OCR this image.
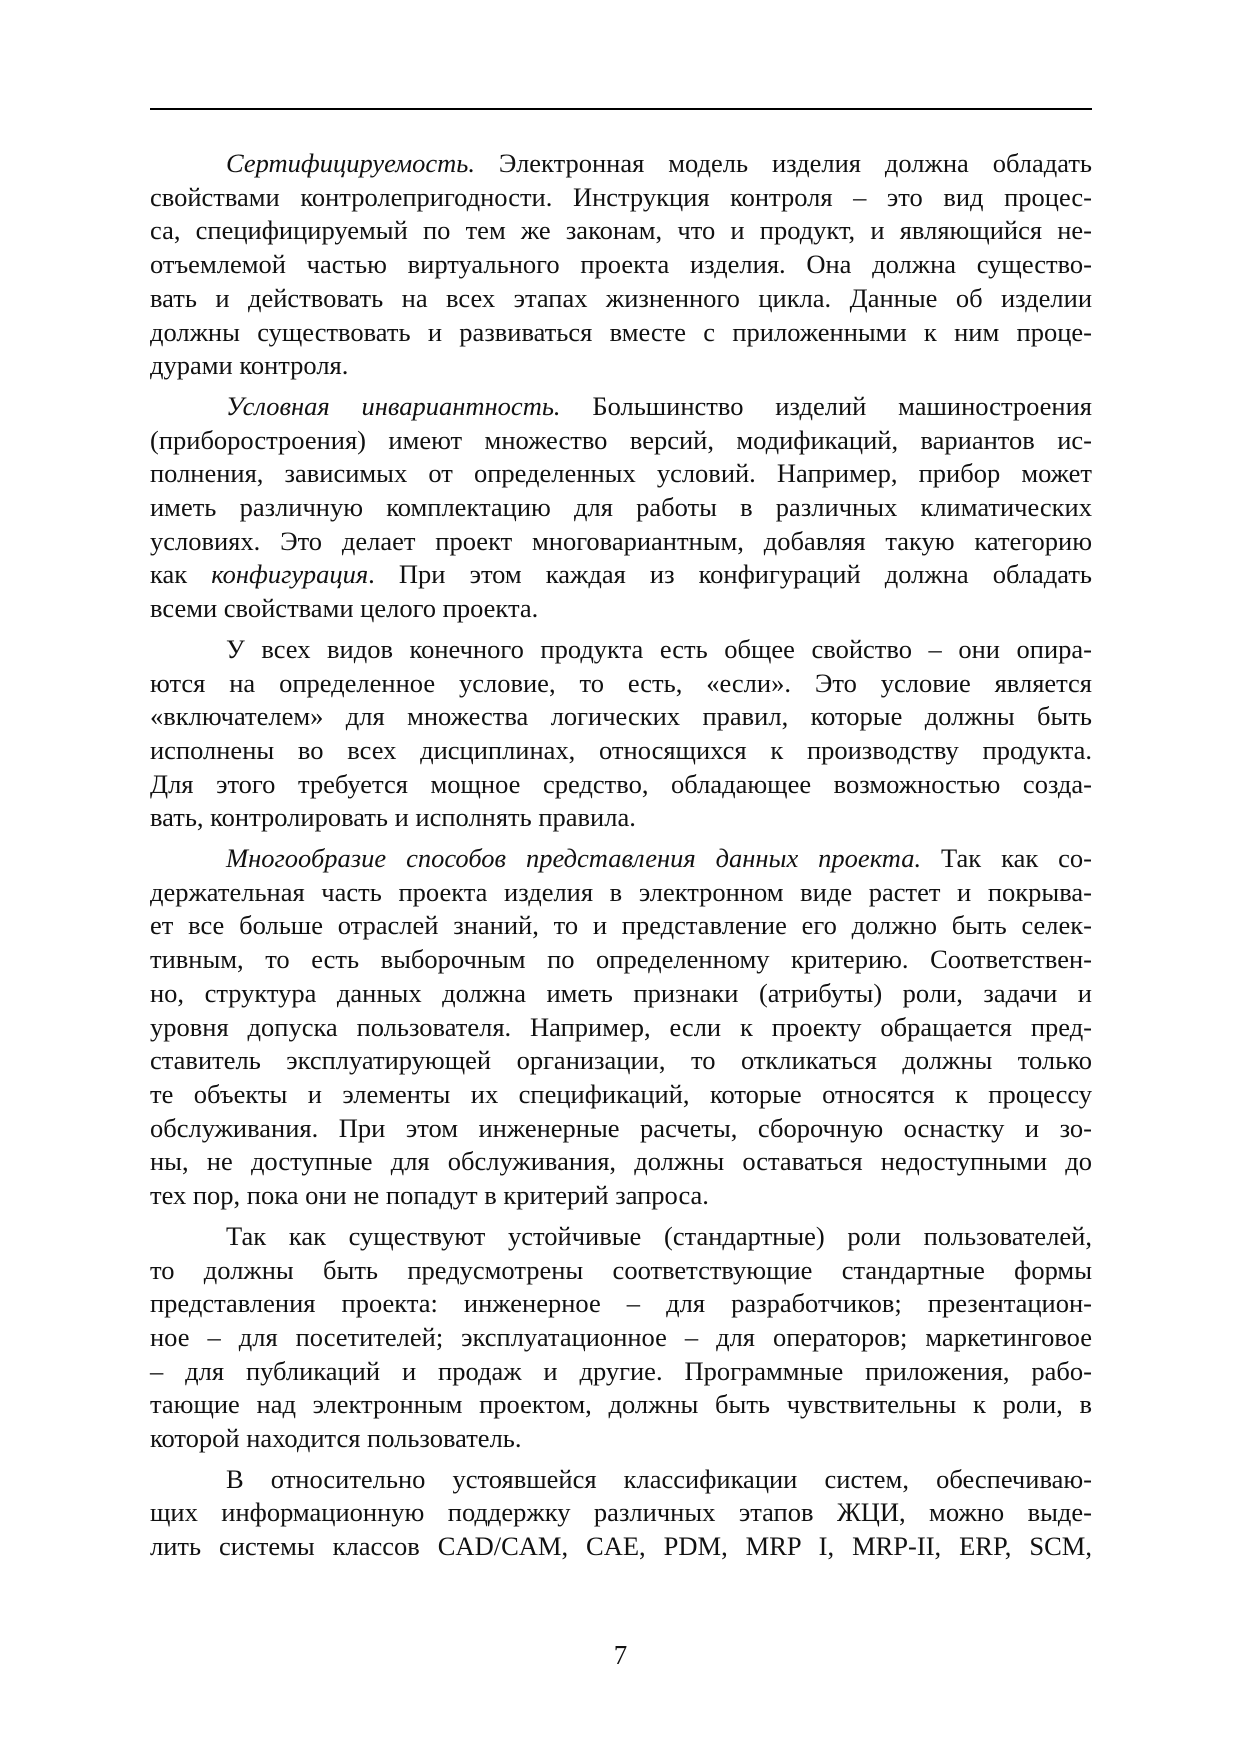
Сертифицируемость. Электронная модель изделия должна обладать
свойствами контролепригодности. Инструкция контроля – это вид процес-
са, специфицируемый по тем же законам, что и продукт, и являющийся не-
отъемлемой частью виртуального проекта изделия. Она должна существо-
вать и действовать на всех этапах жизненного цикла. Данные об изделии
должны существовать и развиваться вместе с приложенными к ним проце-
дурами контроля.

Условная инвариантность. Большинство изделий машиностроения
(приборостроения) имеют множество версий, модификаций, вариантов ис-
полнения, зависимых от определенных условий. Например, прибор может
иметь различную комплектацию для работы в различных климатических
условиях. Это делает проект многовариантным, добавляя такую категорию
как конфигурация. При этом каждая из конфигураций должна обладать
всеми свойствами целого проекта.

У всех видов конечного продукта есть общее свойство – они опира-
ются на определенное условие, то есть, «если». Это условие является
«включателем» для множества логических правил, которые должны быть
исполнены во всех дисциплинах, относящихся к производству продукта.
Для этого требуется мощное средство, обладающее возможностью созда-
вать, контролировать и исполнять правила.

Многообразие способов представления данных проекта. Так как со-
держательная часть проекта изделия в электронном виде растет и покрыва-
ет все больше отраслей знаний, то и представление его должно быть селек-
тивным, то есть выборочным по определенному критерию. Соответствен-
но, структура данных должна иметь признаки (атрибуты) роли, задачи и
уровня допуска пользователя. Например, если к проекту обращается пред-
ставитель эксплуатирующей организации, то откликаться должны только
те объекты и элементы их спецификаций, которые относятся к процессу
обслуживания. При этом инженерные расчеты, сборочную оснастку и зо-
ны, не доступные для обслуживания, должны оставаться недоступными до
тех пор, пока они не попадут в критерий запроса.

Так как существуют устойчивые (стандартные) роли пользователей,
то должны быть предусмотрены соответствующие стандартные формы
представления проекта: инженерное – для разработчиков; презентацион-
ное – для посетителей; эксплуатационное – для операторов; маркетинговое
– для публикаций и продаж и другие. Программные приложения, рабо-
тающие над электронным проектом, должны быть чувствительны к роли, в
которой находится пользователь.

В относительно устоявшейся классификации систем, обеспечиваю-
щих информационную поддержку различных этапов ЖЦИ, можно выде-
лить системы классов CAD/CAM, CAE, PDM, MRP I, MRP-II, ERP, SCM,

7
